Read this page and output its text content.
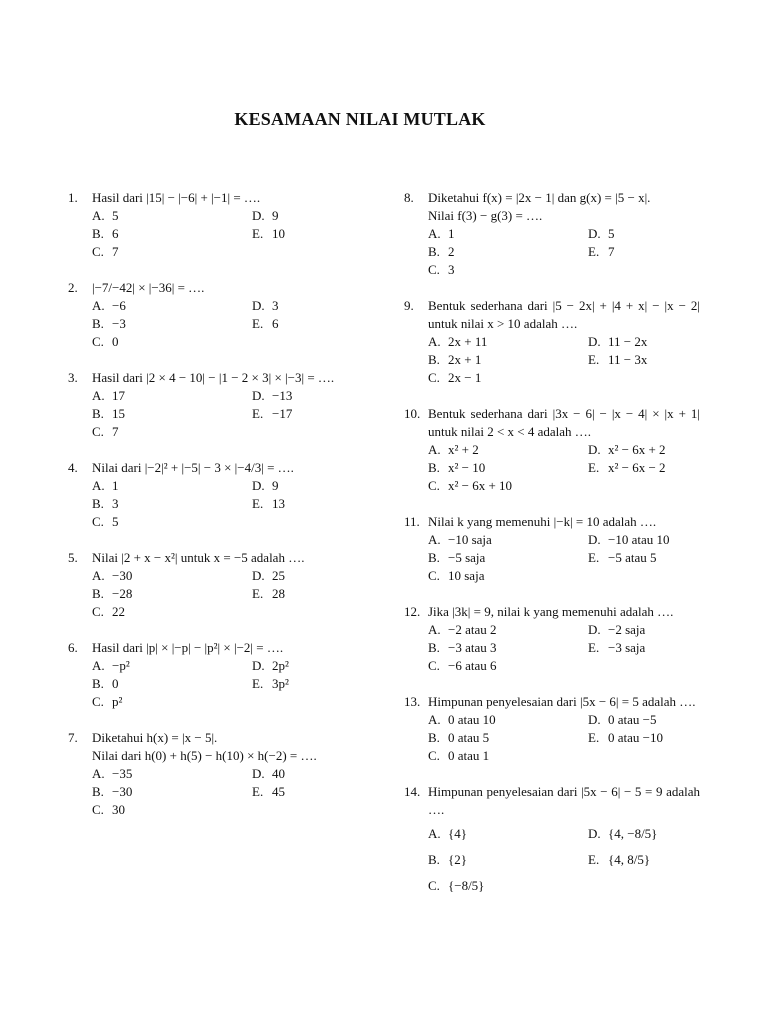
KESAMAAN NILAI MUTLAK
1.	Hasil dari |15| − |−6| + |−1| = ….
A. 5	D. 9
B. 6	E. 10
C. 7
2.	|−7/−42| × |−36| = ….
A. −6	D. 3
B. −3	E. 6
C. 0
3.	Hasil dari |2 × 4 − 10| − |1 − 2 × 3| × |−3| = ….
A. 17	D. −13
B. 15	E. −17
C. 7
4.	Nilai dari |−2|² + |−5| − 3 × |−4/3| = ….
A. 1	D. 9
B. 3	E. 13
C. 5
5.	Nilai |2 + x − x²| untuk x = −5 adalah ….
A. −30	D. 25
B. −28	E. 28
C. 22
6.	Hasil dari |p| × |−p| − |p²| × |−2| = ….
A. −p²	D. 2p²
B. 0	E. 3p²
C. p²
7.	Diketahui h(x) = |x − 5|.
Nilai dari h(0) + h(5) − h(10) × h(−2) = ….
A. −35	D. 40
B. −30	E. 45
C. 30
8.	Diketahui f(x) = |2x − 1| dan g(x) = |5 − x|.
Nilai f(3) − g(3) = ….
A. 1	D. 5
B. 2	E. 7
C. 3
9.	Bentuk sederhana dari |5 − 2x| + |4 + x| − |x − 2| untuk nilai x > 10 adalah ….
A. 2x + 11	D. 11 − 2x
B. 2x + 1	E. 11 − 3x
C. 2x − 1
10. Bentuk sederhana dari |3x − 6| − |x − 4| × |x + 1| untuk nilai 2 < x < 4 adalah ….
A. x² + 2	D. x² − 6x + 2
B. x² − 10	E. x² − 6x − 2
C. x² − 6x + 10
11. Nilai k yang memenuhi |−k| = 10 adalah ….
A. −10 saja	D. −10 atau 10
B. −5 saja	E. −5 atau 5
C. 10 saja
12. Jika |3k| = 9, nilai k yang memenuhi adalah ….
A. −2 atau 2	D. −2 saja
B. −3 atau 3	E. −3 saja
C. −6 atau 6
13. Himpunan penyelesaian dari |5x − 6| = 5 adalah ….
A. 0 atau 10	D. 0 atau −5
B. 0 atau 5	E. 0 atau −10
C. 0 atau 1
14. Himpunan penyelesaian dari |5x − 6| − 5 = 9 adalah ….
A. {4}	D. {4, −8/5}
B. {2}	E. {4, 8/5}
C. {−8/5}
